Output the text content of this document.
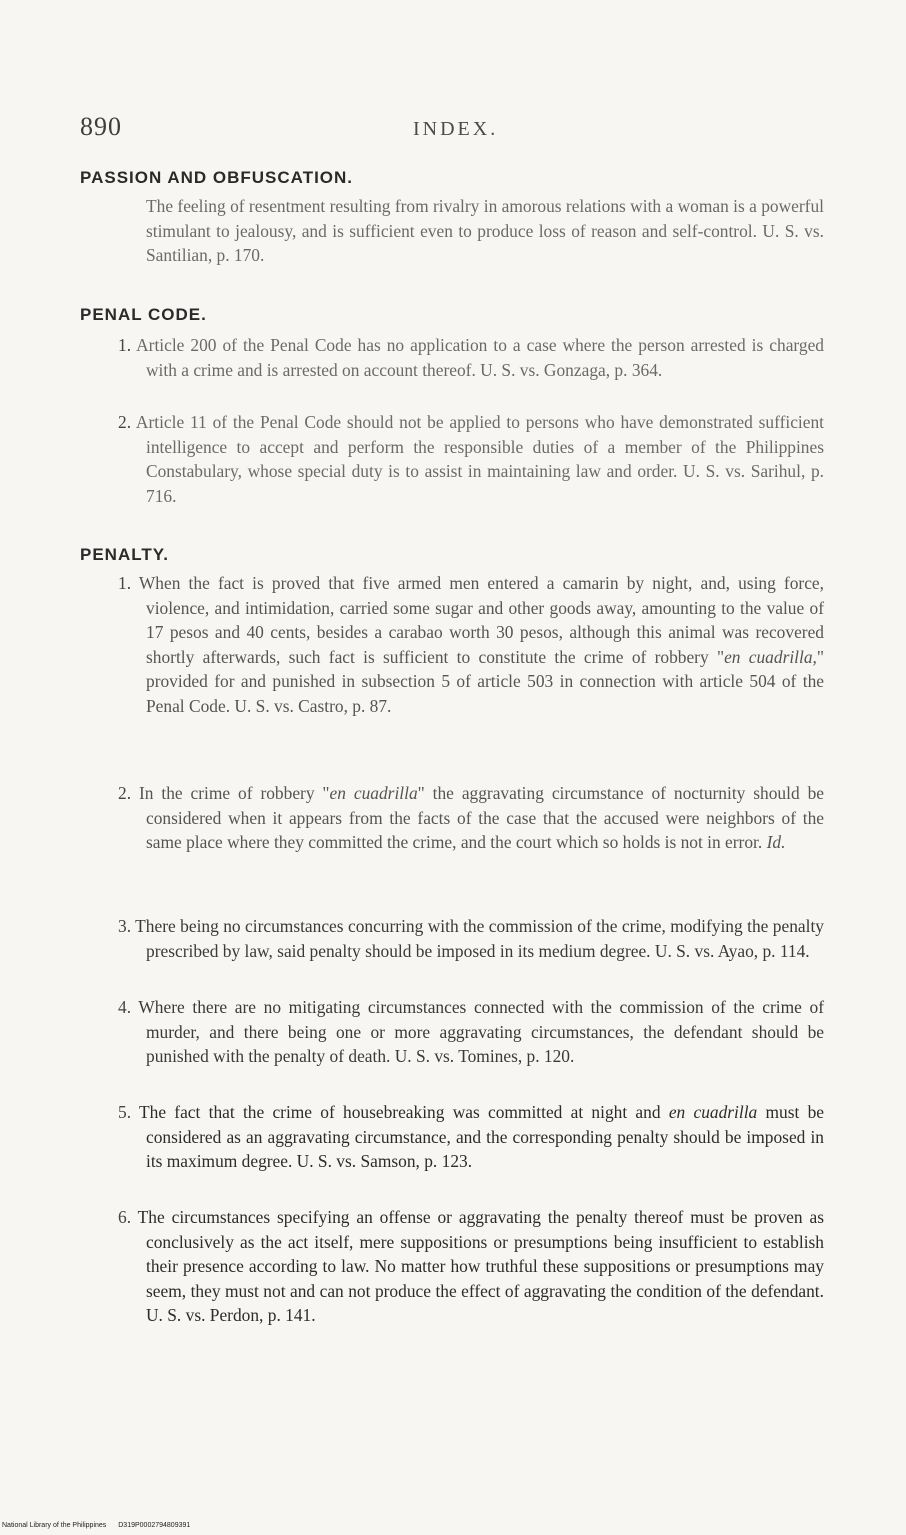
890	INDEX.
PASSION AND OBFUSCATION.
The feeling of resentment resulting from rivalry in amorous relations with a woman is a powerful stimulant to jealousy, and is sufficient even to produce loss of reason and self-control. U. S. vs. Santilian, p. 170.
PENAL CODE.
1. Article 200 of the Penal Code has no application to a case where the person arrested is charged with a crime and is arrested on account thereof. U. S. vs. Gonzaga, p. 364.
2. Article 11 of the Penal Code should not be applied to persons who have demonstrated sufficient intelligence to accept and perform the responsible duties of a member of the Philippines Constabulary, whose special duty is to assist in maintaining law and order. U. S. vs. Sarihul, p. 716.
PENALTY.
1. When the fact is proved that five armed men entered a camarin by night, and, using force, violence, and intimidation, carried some sugar and other goods away, amounting to the value of 17 pesos and 40 cents, besides a carabao worth 30 pesos, although this animal was recovered shortly afterwards, such fact is sufficient to constitute the crime of robbery "en cuadrilla," provided for and punished in subsection 5 of article 503 in connection with article 504 of the Penal Code. U. S. vs. Castro, p. 87.
2. In the crime of robbery "en cuadrilla" the aggravating circumstance of nocturnity should be considered when it appears from the facts of the case that the accused were neighbors of the same place where they committed the crime, and the court which so holds is not in error. Id.
3. There being no circumstances concurring with the commission of the crime, modifying the penalty prescribed by law, said penalty should be imposed in its medium degree. U. S. vs. Ayao, p. 114.
4. Where there are no mitigating circumstances connected with the commission of the crime of murder, and there being one or more aggravating circumstances, the defendant should be punished with the penalty of death. U. S. vs. Tomines, p. 120.
5. The fact that the crime of housebreaking was committed at night and en cuadrilla must be considered as an aggravating circumstance, and the corresponding penalty should be imposed in its maximum degree. U. S. vs. Samson, p. 123.
6. The circumstances specifying an offense or aggravating the penalty thereof must be proven as conclusively as the act itself, mere suppositions or presumptions being insufficient to establish their presence according to law. No matter how truthful these suppositions or presumptions may seem, they must not and can not produce the effect of aggravating the condition of the defendant. U. S. vs. Perdon, p. 141.
National Library of the Philippines D319P0002794809391
